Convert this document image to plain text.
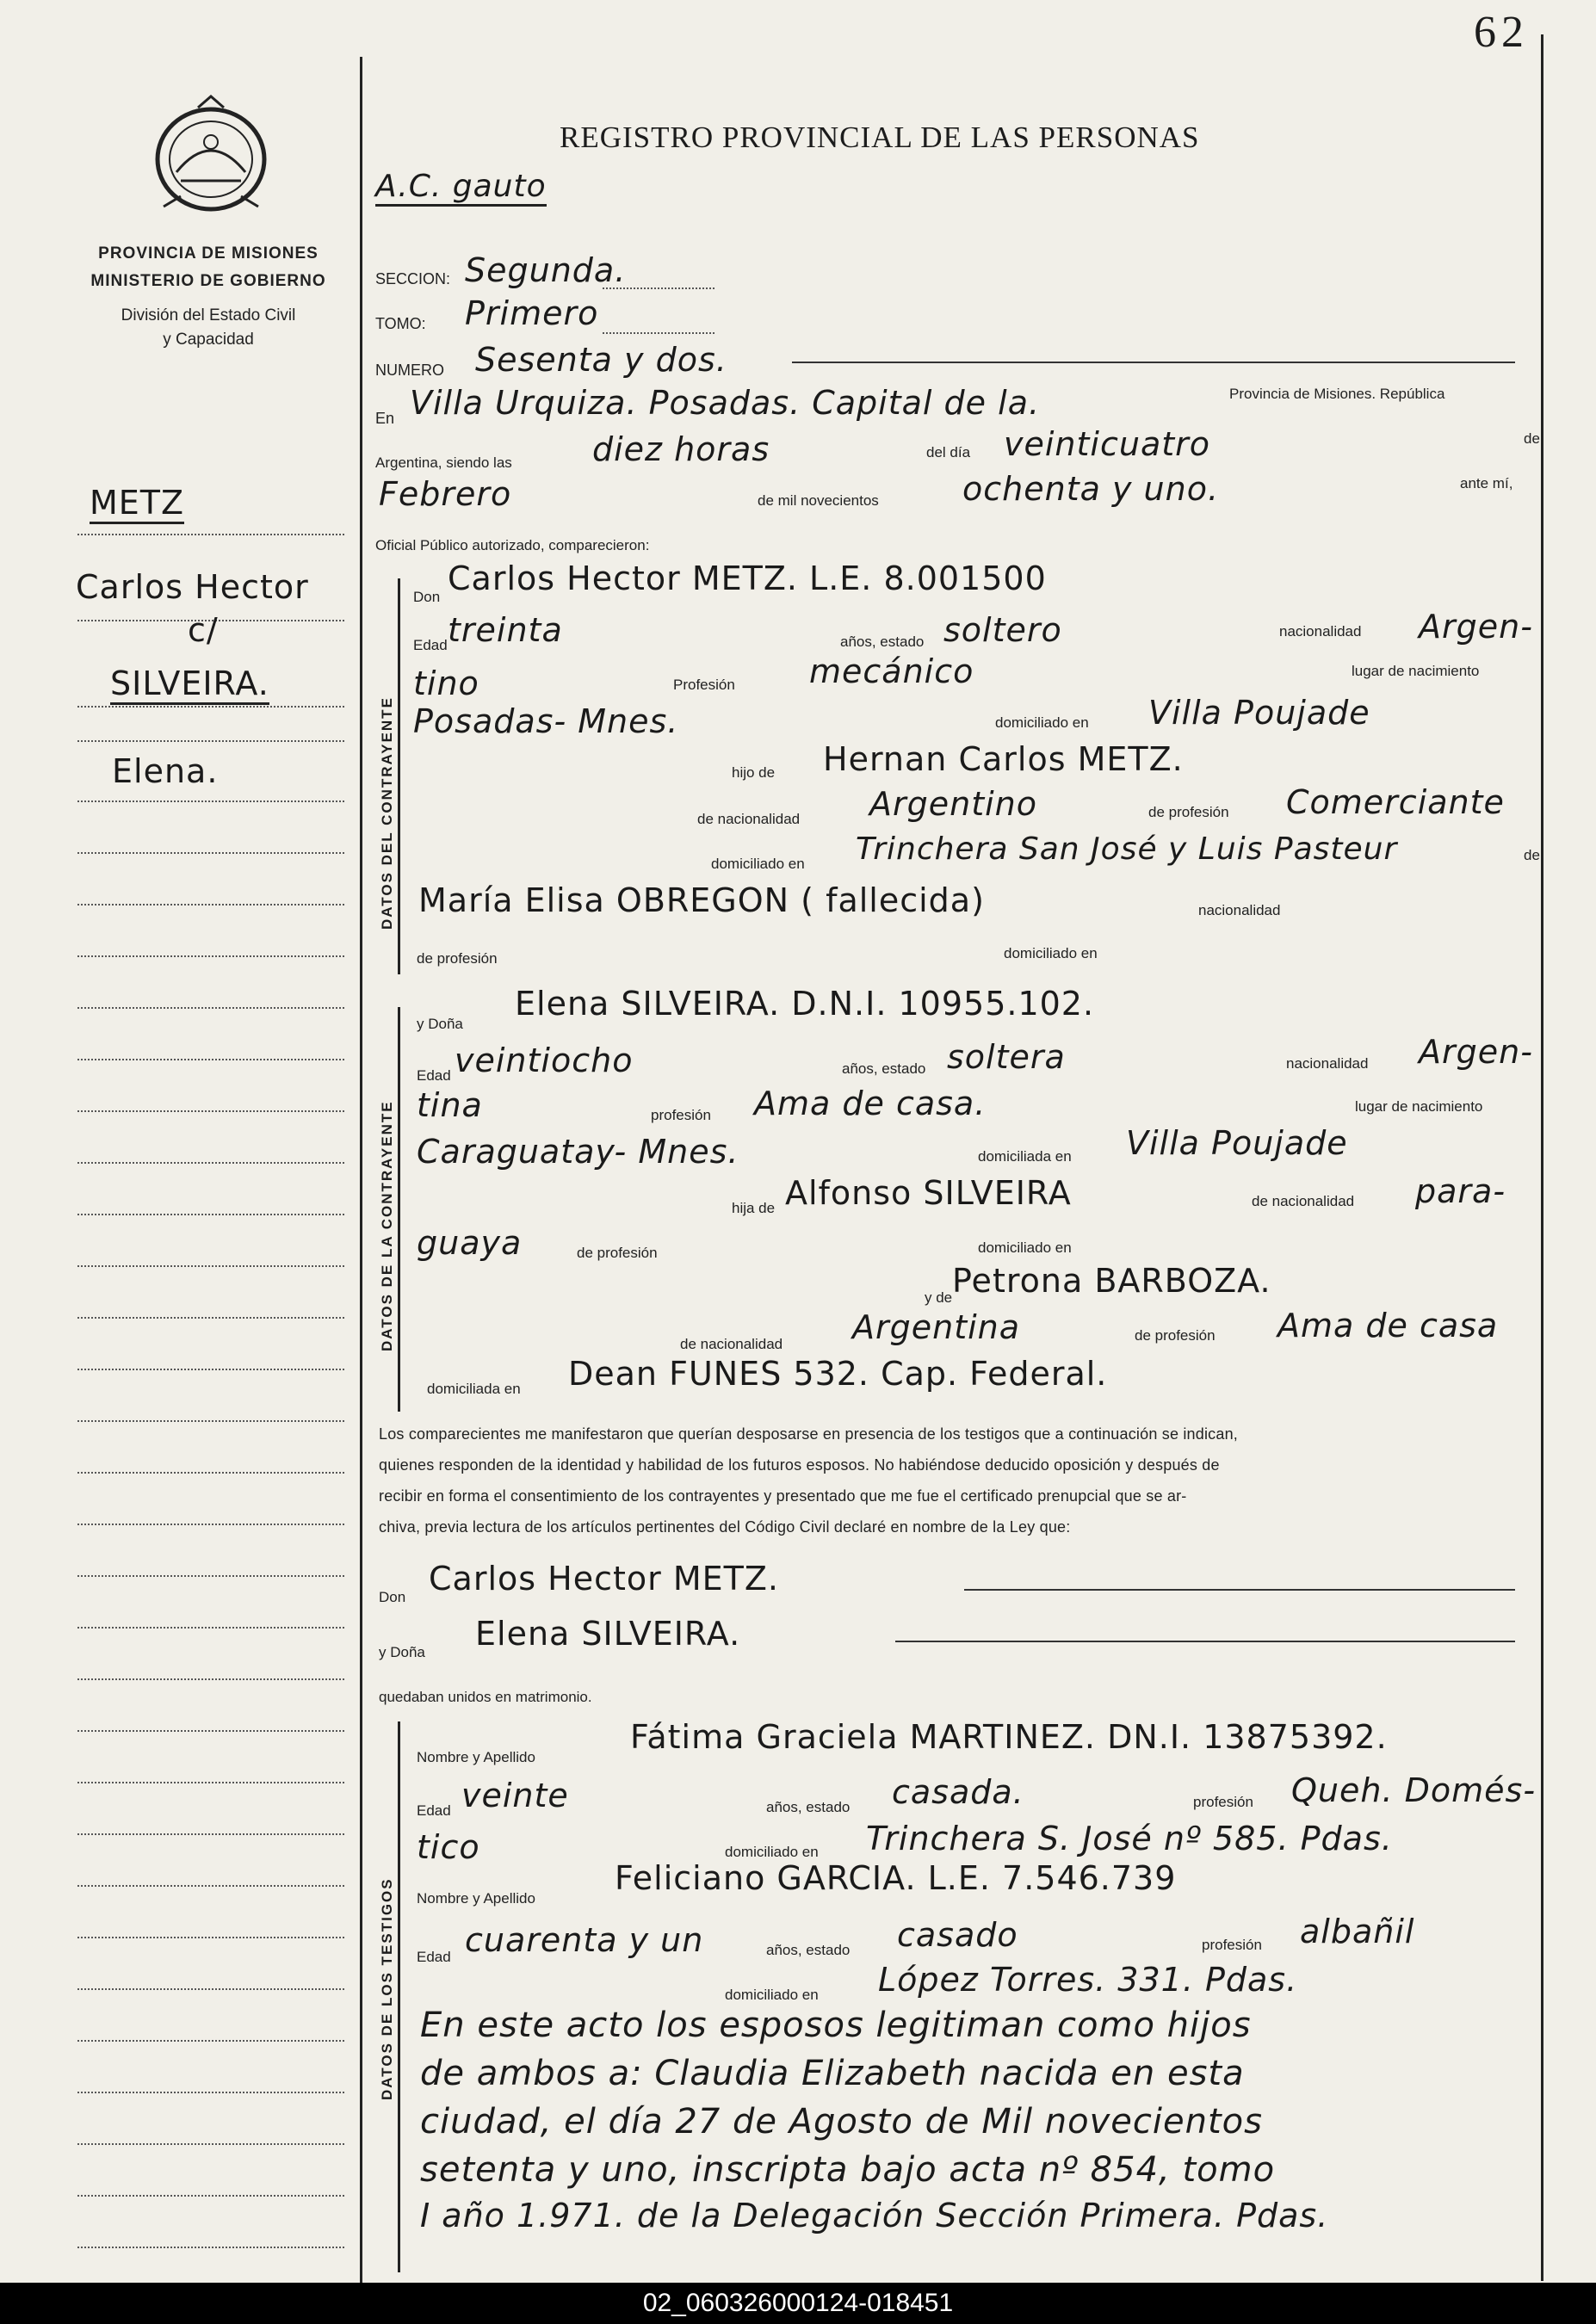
62
PROVINCIA DE MISIONES
MINISTERIO DE GOBIERNO
División del Estado Civil
y Capacidad
REGISTRO PROVINCIAL DE LAS PERSONAS
A.C. gauto
METZ
Carlos Hector
c/
SILVEIRA.
Elena.
SECCION: Segunda.
TOMO: Primero
NUMERO Sesenta y dos.
En Villa Urquiza. Posadas. Capital de la.	Provincia de Misiones. República
Argentina, siendo las diez horas	del día veinticuatro	de
Febrero	de mil novecientos	ochenta y uno.	ante mí,
Oficial Público autorizado, comparecieron:
DATOS DEL CONTRAYENTE
Don Carlos Hector METZ. L.E. 8.001500
Edad treinta	años, estado soltero	nacionalidad Argen-
tino	Profesión mecánico	lugar de nacimiento
Posadas- Mnes.	domiciliado en Villa Poujade
hijo de Hernan Carlos METZ.
de nacionalidad Argentino	de profesión Comerciante
domiciliado en Trinchera San José y Luis Pasteur	de
María Elisa OBREGON ( fallecida)	nacionalidad
de profesión	domiciliado en
DATOS DE LA CONTRAYENTE
y Doña
Elena SILVEIRA. D.N.I. 10955.102.
Edad veintiocho	años, estado soltera	nacionalidad Argen-
tina	profesión Ama de casa.	lugar de nacimiento
Caraguatay- Mnes.	domiciliada en Villa Poujade
hija de Alfonso SILVEIRA	de nacionalidad para-
guaya	de profesión	domiciliado en
y de Petrona BARBOZA.
de nacionalidad Argentina	de profesión Ama de casa
domiciliada en Dean FUNES 532. Cap. Federal.
Los comparecientes me manifestaron que querían desposarse en presencia de los testigos que a continuación se indican,
quienes responden de la identidad y habilidad de los futuros esposos. No habiéndose deducido oposición y después de
recibir en forma el consentimiento de los contrayentes y presentado que me fue el certificado prenupcial que se ar-
chiva, previa lectura de los artículos pertinentes del Código Civil declaré en nombre de la Ley que:
Don Carlos Hector METZ.
y Doña Elena SILVEIRA.
quedaban unidos en matrimonio.
DATOS DE LOS TESTIGOS
Nombre y Apellido
Fátima Graciela MARTINEZ. DN.I. 13875392.
Edad veinte	años, estado casada.	profesión Queh. Domés-
tico	domiciliado en Trinchera S. José nº 585. Pdas.
Nombre y Apellido
Feliciano GARCIA. L.E. 7.546.739
Edad cuarenta y un	años, estado casado	profesión albañil
domiciliado en López Torres. 331. Pdas.
En este acto los esposos legitiman como hijos
de ambos a: Claudia Elizabeth nacida en esta
ciudad, el día 27 de Agosto de Mil novecientos
setenta y uno, inscripta bajo acta nº 854, tomo
I año 1.971. de la Delegación Sección Primera. Pdas.
02_060326000124-018451
